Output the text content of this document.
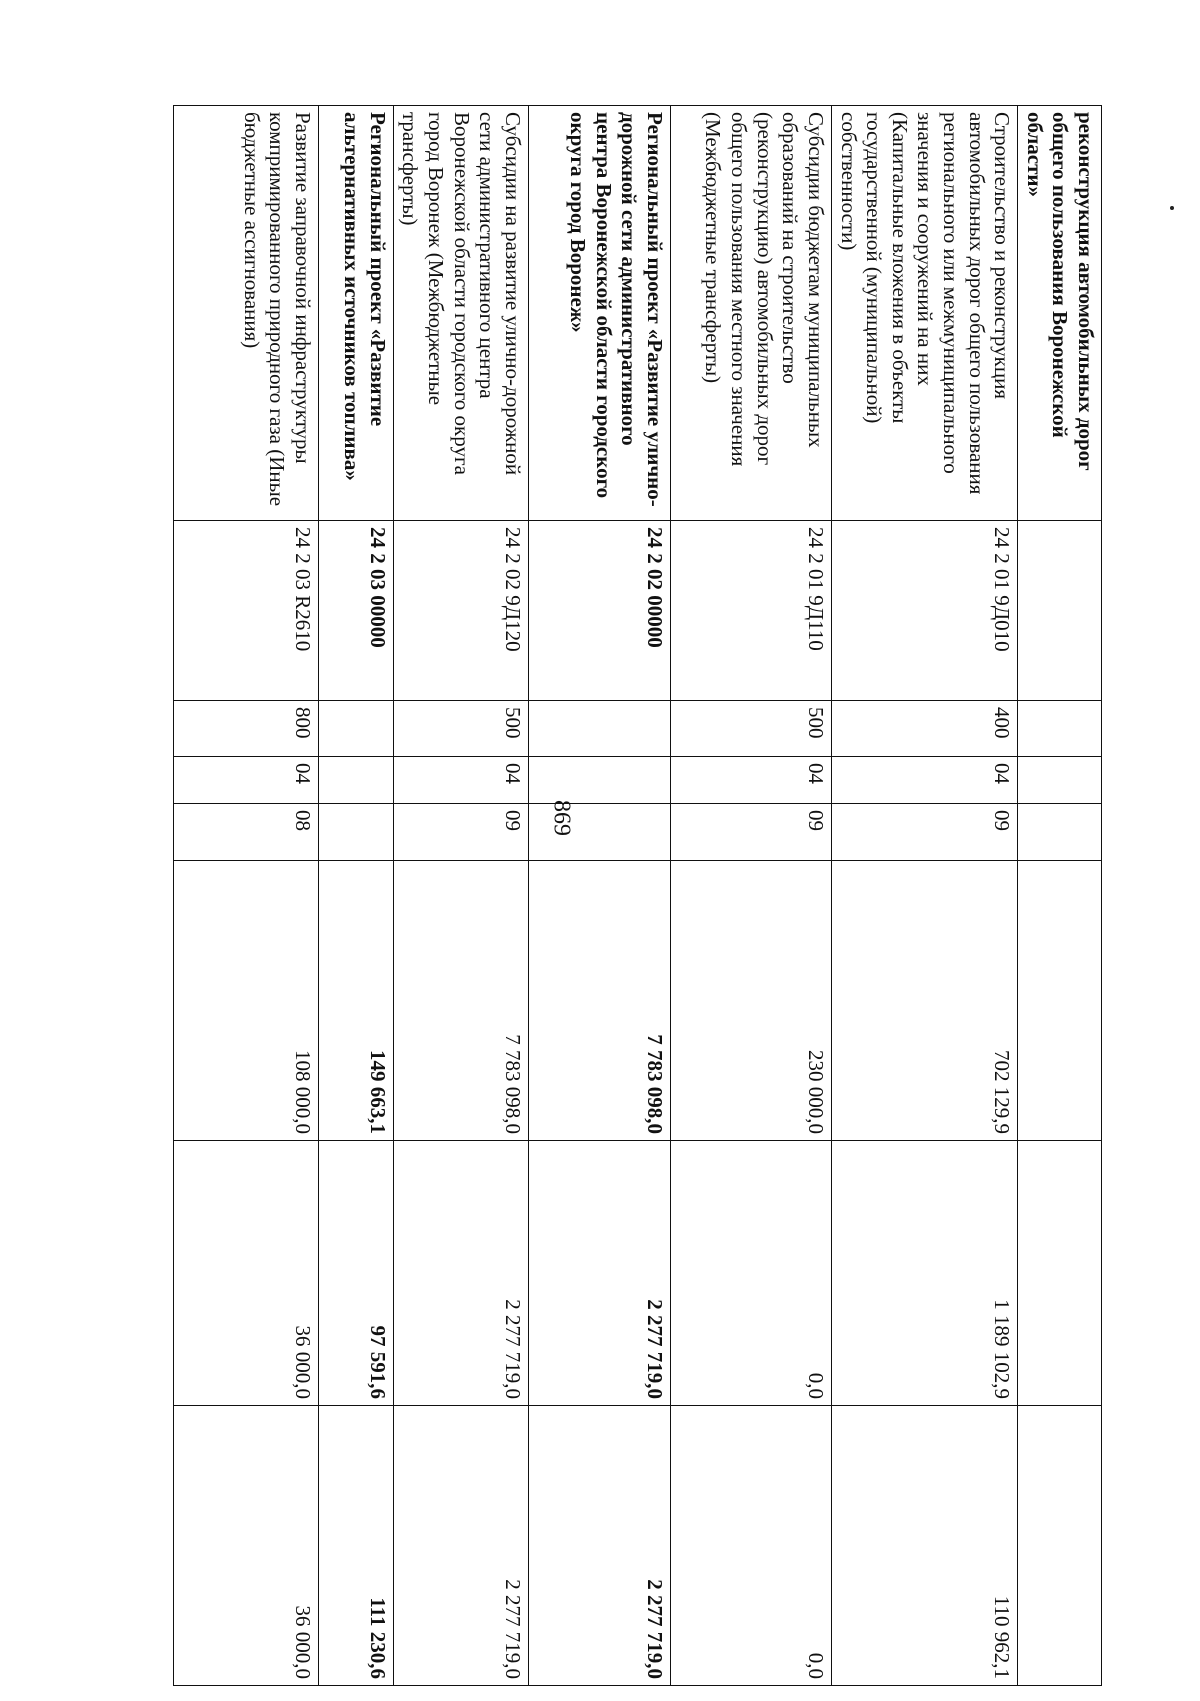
869
реконструкция автомобильных дорог общего пользования Воронежской области»							
Строительство и реконструкция автомобильных дорог общего пользования регионального или межмуниципального значения и сооружений на них (Капитальные вложения в объекты государственной (муниципальной) собственности)	24 2 01 9Д010	400	04	09	702 129,9	1 189 102,9	110 962,1
Субсидии бюджетам муниципальных образований на строительство (реконструкцию) автомобильных дорог общего пользования местного значения (Межбюджетные трансферты)	24 2 01 9Д110	500	04	09	230 000,0	0,0	0,0
Региональный проект «Развитие улично-дорожной сети административного центра Воронежской области городского округа город Воронеж»	24 2 02 00000				7 783 098,0	2 277 719,0	2 277 719,0
Субсидии на развитие улично-дорожной сети административного центра Воронежской области городского округа город Воронеж (Межбюджетные трансферты)	24 2 02 9Д120	500	04	09	7 783 098,0	2 277 719,0	2 277 719,0
Региональный проект «Развитие альтернативных источников топлива»	24 2 03 00000				149 663,1	97 591,6	111 230,6
Развитие заправочной инфраструктуры компримированного природного газа (Иные бюджетные ассигнования)	24 2 03 R2610	800	04	08	108 000,0	36 000,0	36 000,0
